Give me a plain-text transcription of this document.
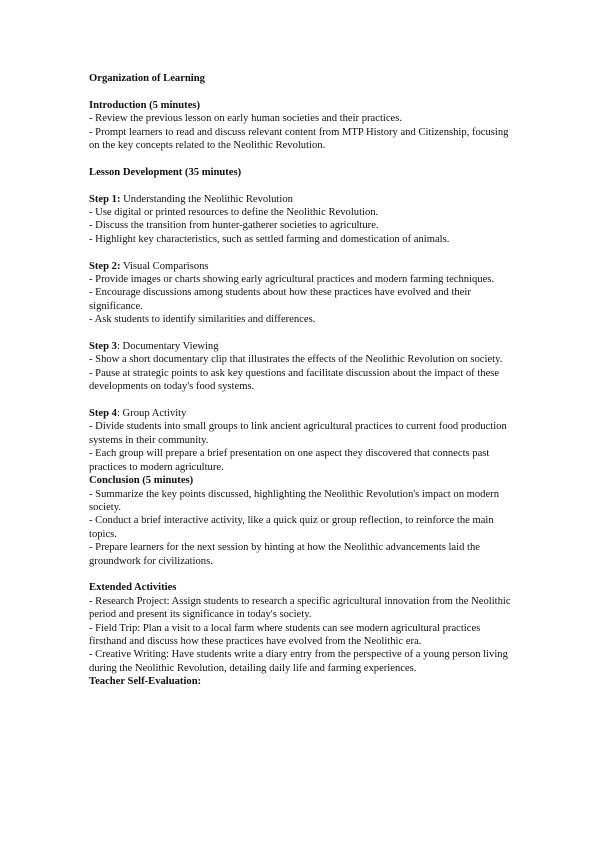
Organization of Learning

Introduction (5 minutes)

- Review the previous lesson on early human societies and their practices.

- Prompt learners to read and discuss relevant content from MTP History and Citizenship, focusing on the key concepts related to the Neolithic Revolution.

Lesson Development (35 minutes)

Step 1: Understanding the Neolithic Revolution

- Use digital or printed resources to define the Neolithic Revolution.

- Discuss the transition from hunter-gatherer societies to agriculture.

- Highlight key characteristics, such as settled farming and domestication of animals.

Step 2: Visual Comparisons

- Provide images or charts showing early agricultural practices and modern farming techniques.

- Encourage discussions among students about how these practices have evolved and their significance.

- Ask students to identify similarities and differences.

Step 3: Documentary Viewing

- Show a short documentary clip that illustrates the effects of the Neolithic Revolution on society.

- Pause at strategic points to ask key questions and facilitate discussion about the impact of these developments on today's food systems.

Step 4: Group Activity

- Divide students into small groups to link ancient agricultural practices to current food production systems in their community.

- Each group will prepare a brief presentation on one aspect they discovered that connects past practices to modern agriculture.

Conclusion (5 minutes)

- Summarize the key points discussed, highlighting the Neolithic Revolution's impact on modern society.

- Conduct a brief interactive activity, like a quick quiz or group reflection, to reinforce the main topics.

- Prepare learners for the next session by hinting at how the Neolithic advancements laid the groundwork for civilizations.

Extended Activities

- Research Project: Assign students to research a specific agricultural innovation from the Neolithic period and present its significance in today's society.

- Field Trip: Plan a visit to a local farm where students can see modern agricultural practices firsthand and discuss how these practices have evolved from the Neolithic era.

- Creative Writing: Have students write a diary entry from the perspective of a young person living during the Neolithic Revolution, detailing daily life and farming experiences.

Teacher Self-Evaluation:
